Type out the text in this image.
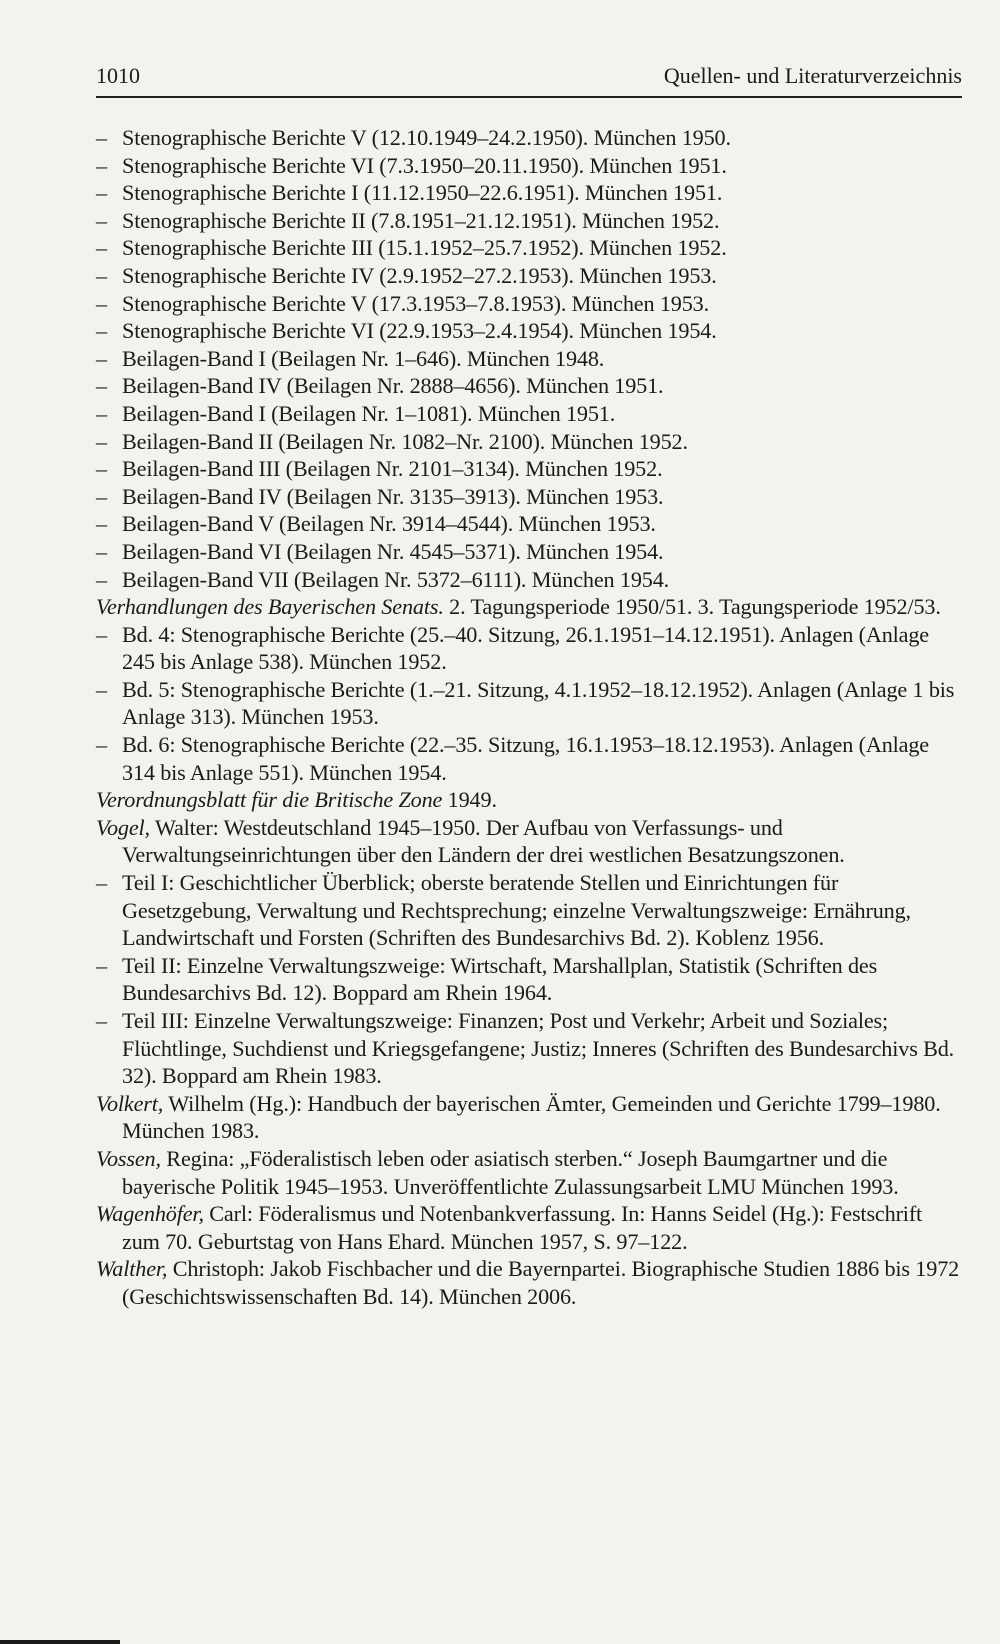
1010	Quellen- und Literaturverzeichnis

– Stenographische Berichte V (12.10.1949–24.2.1950). München 1950.

– Stenographische Berichte VI (7.3.1950–20.11.1950). München 1951.

– Stenographische Berichte I (11.12.1950–22.6.1951). München 1951.

– Stenographische Berichte II (7.8.1951–21.12.1951). München 1952.

– Stenographische Berichte III (15.1.1952–25.7.1952). München 1952.

– Stenographische Berichte IV (2.9.1952–27.2.1953). München 1953.

– Stenographische Berichte V (17.3.1953–7.8.1953). München 1953.

– Stenographische Berichte VI (22.9.1953–2.4.1954). München 1954.

– Beilagen-Band I (Beilagen Nr. 1–646). München 1948.

– Beilagen-Band IV (Beilagen Nr. 2888–4656). München 1951.

– Beilagen-Band I (Beilagen Nr. 1–1081). München 1951.

– Beilagen-Band II (Beilagen Nr. 1082–Nr. 2100). München 1952.

– Beilagen-Band III (Beilagen Nr. 2101–3134). München 1952.

– Beilagen-Band IV (Beilagen Nr. 3135–3913). München 1953.

– Beilagen-Band V (Beilagen Nr. 3914–4544). München 1953.

– Beilagen-Band VI (Beilagen Nr. 4545–5371). München 1954.

– Beilagen-Band VII (Beilagen Nr. 5372–6111). München 1954.

Verhandlungen des Bayerischen Senats. 2. Tagungsperiode 1950/51. 3. Tagungsperiode 1952/53.

– Bd. 4: Stenographische Berichte (25.–40. Sitzung, 26.1.1951–14.12.1951). Anlagen (Anlage 245 bis Anlage 538). München 1952.

– Bd. 5: Stenographische Berichte (1.–21. Sitzung, 4.1.1952–18.12.1952). Anlagen (Anlage 1 bis Anlage 313). München 1953.

– Bd. 6: Stenographische Berichte (22.–35. Sitzung, 16.1.1953–18.12.1953). Anlagen (Anlage 314 bis Anlage 551). München 1954.

Verordnungsblatt für die Britische Zone 1949.

Vogel, Walter: Westdeutschland 1945–1950. Der Aufbau von Verfassungs- und Verwaltungseinrichtungen über den Ländern der drei westlichen Besatzungszonen.

– Teil I: Geschichtlicher Überblick; oberste beratende Stellen und Einrichtungen für Gesetzgebung, Verwaltung und Rechtsprechung; einzelne Verwaltungszweige: Ernährung, Landwirtschaft und Forsten (Schriften des Bundesarchivs Bd. 2). Koblenz 1956.

– Teil II: Einzelne Verwaltungszweige: Wirtschaft, Marshallplan, Statistik (Schriften des Bundesarchivs Bd. 12). Boppard am Rhein 1964.

– Teil III: Einzelne Verwaltungszweige: Finanzen; Post und Verkehr; Arbeit und Soziales; Flüchtlinge, Suchdienst und Kriegsgefangene; Justiz; Inneres (Schriften des Bundesarchivs Bd. 32). Boppard am Rhein 1983.

Volkert, Wilhelm (Hg.): Handbuch der bayerischen Ämter, Gemeinden und Gerichte 1799–1980. München 1983.

Vossen, Regina: „Föderalistisch leben oder asiatisch sterben.“ Joseph Baumgartner und die bayerische Politik 1945–1953. Unveröffentlichte Zulassungsarbeit LMU München 1993.

Wagenhöfer, Carl: Föderalismus und Notenbankverfassung. In: Hanns Seidel (Hg.): Festschrift zum 70. Geburtstag von Hans Ehard. München 1957, S. 97–122.

Walther, Christoph: Jakob Fischbacher und die Bayernpartei. Biographische Studien 1886 bis 1972 (Geschichtswissenschaften Bd. 14). München 2006.
